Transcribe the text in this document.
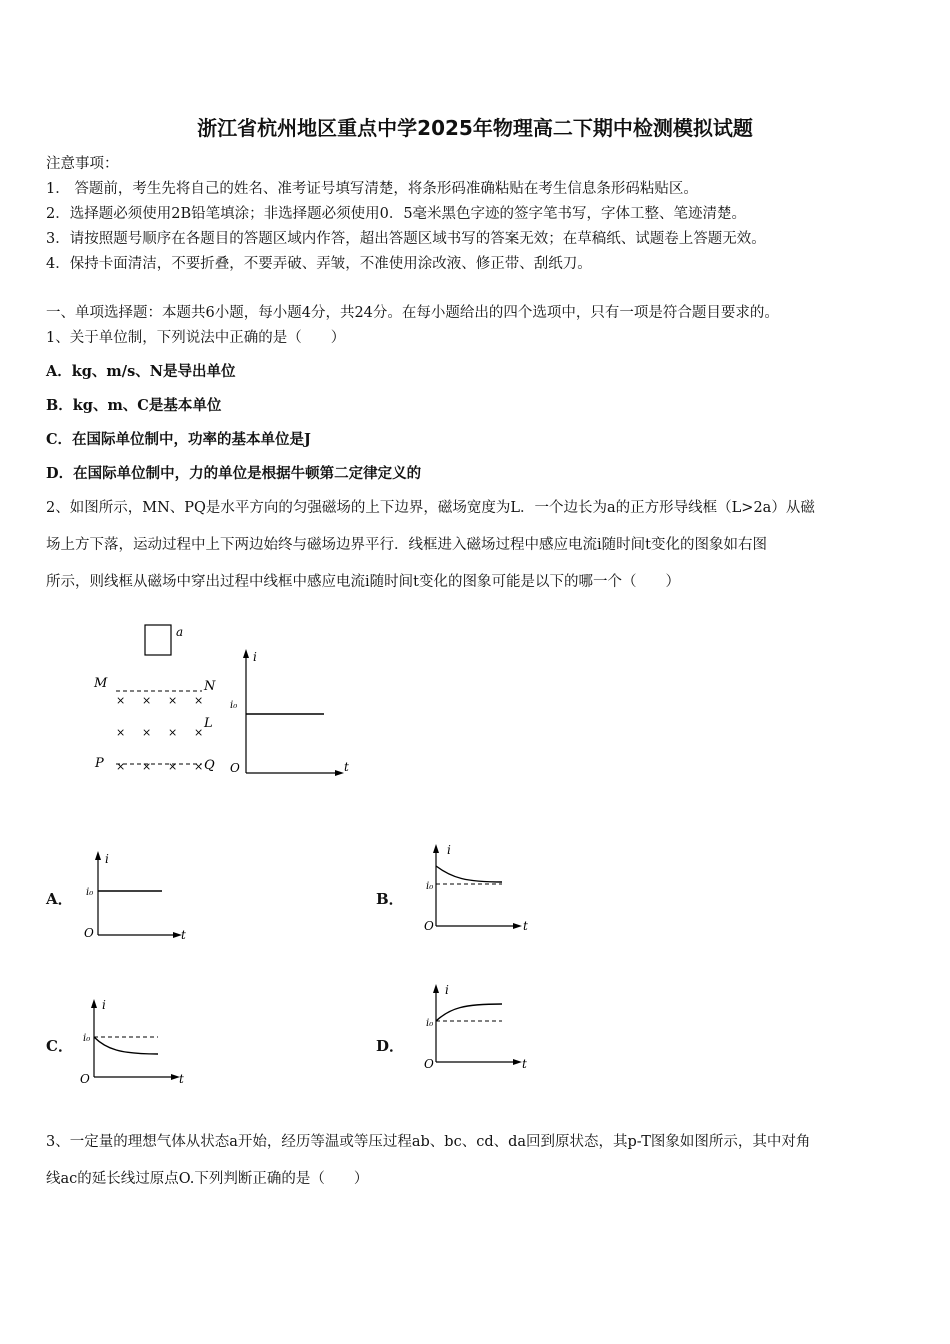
浙江省杭州地区重点中学2025年物理高二下期中检测模拟试题
注意事项：
1． 答题前，考生先将自己的姓名、准考证号填写清楚，将条形码准确粘贴在考生信息条形码粘贴区。
2．选择题必须使用2B铅笔填涂；非选择题必须使用0．5毫米黑色字迹的签字笔书写，字体工整、笔迹清楚。
3．请按照题号顺序在各题目的答题区域内作答，超出答题区域书写的答案无效；在草稿纸、试题卷上答题无效。
4．保持卡面清洁，不要折叠，不要弄破、弄皱，不准使用涂改液、修正带、刮纸刀。
一、单项选择题：本题共6小题，每小题4分，共24分。在每小题给出的四个选项中，只有一项是符合题目要求的。
1、关于单位制，下列说法中正确的是（　　）
A．kg、m/s、N是导出单位
B．kg、m、C是基本单位
C．在国际单位制中，功率的基本单位是J
D．在国际单位制中，力的单位是根据牛顿第二定律定义的
2、如图所示，MN、PQ是水平方向的匀强磁场的上下边界，磁场宽度为L．一个边长为a的正方形导线框（L>2a）从磁
场上方下落，运动过程中上下两边始终与磁场边界平行．线框进入磁场过程中感应电流i随时间t变化的图象如右图
所示，则线框从磁场中穿出过程中线框中感应电流i随时间t变化的图象可能是以下的哪一个（　　）
a
M	N
× × × ×
× × × ×
× × × ×
L
P	Q
i
t
O
i₀
A．
i
t
O
i₀	B．
i
t
O
i₀
C．
i
t
O
i₀	D．
i
t
O
i₀
3、一定量的理想气体从状态a开始，经历等温或等压过程ab、bc、cd、da回到原状态，其p-T图象如图所示，其中对角
线ac的延长线过原点O.下列判断正确的是（　　）
